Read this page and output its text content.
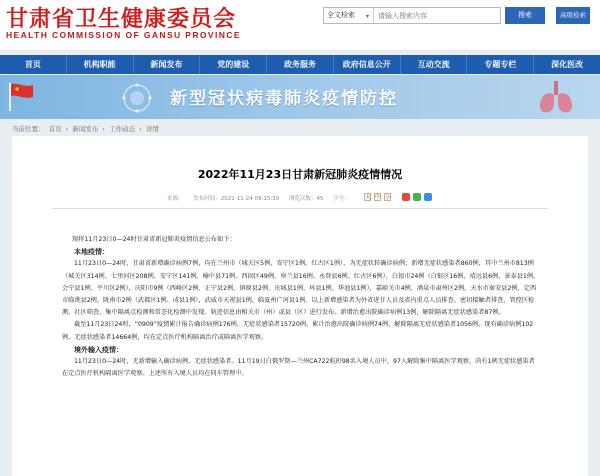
甘肃省卫生健康委员会
HEALTH COMMISSION OF GANSU PROVINCE
全文检索 ▾
请输入搜索内容	搜索	高级检索
首页	机构职能	新闻发布	党的建设	政务服务	政府信息公开	互动交流	专题专栏	深化医改
新型冠状病毒肺炎疫情防控
当前位置： 首页 › 新闻发布 › 工作动态 › 详情
2022年11月23日甘肃新冠肺炎疫情情况
来源： 发布时间：2022-11-24 09:15:39 浏览次数：45 字号：	大 中 小

现将11月23日0—24时甘肃省新冠肺炎疫情信息公布如下：

本地疫情：

11月23日0—24时，甘肃省新增确诊病例7例，均在兰州市（城关区5例、安宁区1例、红古区1例），为无症状转确诊病例；新增无症状感染者860例，其中兰州市813例（城关区314例、七里河区208例、安宁区141例、榆中县71例、西固区49例、皋兰县16例、永登县6例、红古区6例），白银市24例（白银区16例、靖远县6例、景泰县1例、会宁县1例、平川区2例），庆阳市9例（西峰区2例、正宁县2例、镇原县2例、庆城县1例、环县1例、华池县1例），嘉峪关市4例，酒泉市肃州区2例，天水市秦安县2例，定西市临洮县2例，陇南市2例（武都区1例、成县1例），武威市天祝县1例，临夏州广河县1例。以上新增感染者为外省进甘人员及省内重点人员排查、密切接触者排查、管控区检测、社区筛查、集中隔离点检测和常态化检测中发现。轨迹信息由相关市（州）或县（区）进行发布。新增治愈出院确诊病例13例，解除隔离无症状感染者87例。

截至11月23日24时，“0909”疫情累计报告确诊病例176例、无症状感染者15720例。累计治愈出院确诊病例74例，解除隔离无症状感染者1056例。现有确诊病例102例、无症状感染者14664例，均在定点医疗机构隔离治疗或隔离医学观察。

境外输入疫情：

11月23日0—24时，无新增输入确诊病例、无症状感染者。11月19日白俄罗斯—兰州CA722航班98名入境人员中，97人解除集中隔离医学观察，尚有1例无症状感染者在定点医疗机构隔离医学观察。上述所有入境人员均在同车管理中。
